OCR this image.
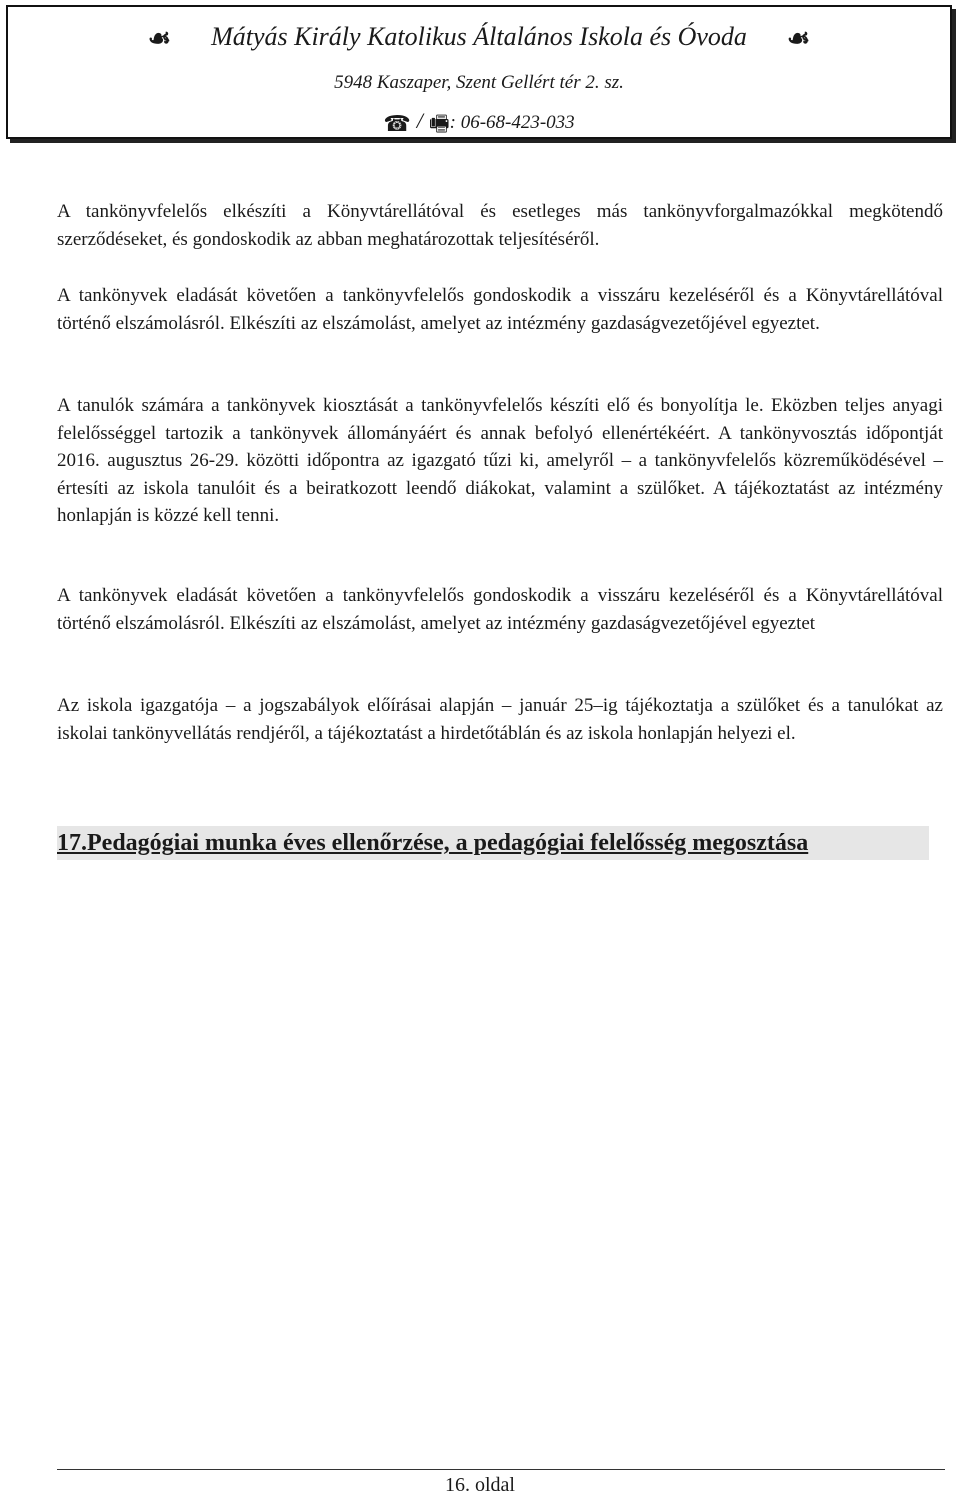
☙ Mátyás Király Katolikus Általános Iskola és Óvoda ☙
5948 Kaszaper, Szent Gellért tér 2. sz.
☎ / 🖷: 06-68-423-033
A tankönyvfelelős elkészíti a Könyvtárellátóval és esetleges más tankönyvforgalmazókkal megkötendő szerződéseket, és gondoskodik az abban meghatározottak teljesítéséről.
A tankönyvek eladását követően a tankönyvfelelős gondoskodik a visszáru kezeléséről és a Könyvtárellátóval történő elszámolásról. Elkészíti az elszámolást, amelyet az intézmény gazdaságvezetőjével egyeztet.
A tanulók számára a tankönyvek kiosztását a tankönyvfelelős készíti elő és bonyolítja le. Eközben teljes anyagi felelősséggel tartozik a tankönyvek állományáért és annak befolyó ellenértékéért. A tankönyvosztás időpontját 2016. augusztus 26-29. közötti időpontra az igazgató tűzi ki, amelyről – a tankönyvfelelős közreműködésével – értesíti az iskola tanulóit és a beiratkozott leendő diákokat, valamint a szülőket. A tájékoztatást az intézmény honlapján is közzé kell tenni.
A tankönyvek eladását követően a tankönyvfelelős gondoskodik a visszáru kezeléséről és a Könyvtárellátóval történő elszámolásról. Elkészíti az elszámolást, amelyet az intézmény gazdaságvezetőjével egyeztet
Az iskola igazgatója – a jogszabályok előírásai alapján – január 25–ig tájékoztatja a szülőket és a tanulókat az iskolai tankönyvellátás rendjéről, a tájékoztatást a hirdetőtáblán és az iskola honlapján helyezi el.
17.Pedagógiai munka éves ellenőrzése, a pedagógiai felelősség megosztása
16. oldal
